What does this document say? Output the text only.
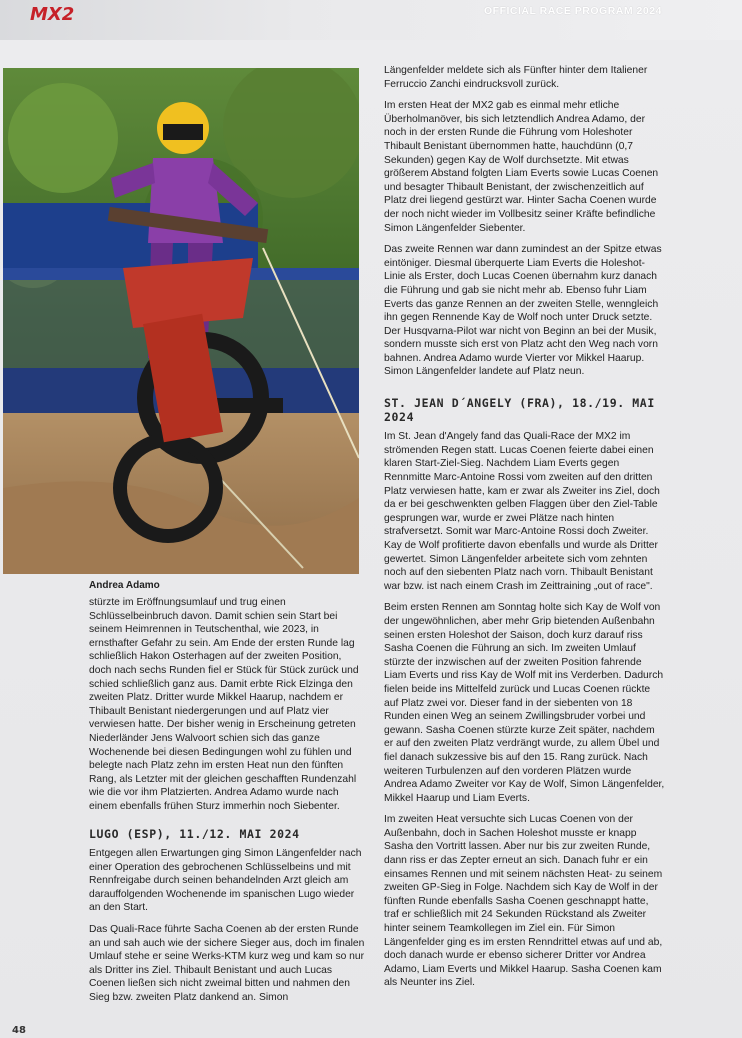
MX2	OFFICIAL RACE PROGRAM 2024
Andrea Adamo

stürzte im Eröffnungsumlauf und trug einen Schlüsselbeinbruch davon. Damit schien sein Start bei seinem Heimrennen in Teutschenthal, wie 2023, in ernsthafter Gefahr zu sein. Am Ende der ersten Runde lag schließlich Hakon Osterhagen auf der zweiten Position, doch nach sechs Runden fiel er Stück für Stück zurück und schied schließlich ganz aus. Damit erbte Rick Elzinga den zweiten Platz. Dritter wurde Mikkel Haarup, nachdem er Thibault Benistant niedergerungen und auf Platz vier verwiesen hatte. Der bisher wenig in Erscheinung getreten Niederländer Jens Walvoort schien sich das ganze Wochenende bei diesen Bedingungen wohl zu fühlen und belegte nach Platz zehn im ersten Heat nun den fünften Rang, als Letzter mit der gleichen geschafften Rundenzahl wie die vor ihm Platzierten. Andrea Adamo wurde nach einem ebenfalls frühen Sturz immerhin noch Siebenter.

LUGO (ESP), 11./12. MAI 2024

Entgegen allen Erwartungen ging Simon Längenfelder nach einer Operation des gebrochenen Schlüsselbeins und mit Rennfreigabe durch seinen behandelnden Arzt gleich am darauffolgenden Wochenende im spanischen Lugo wieder an den Start.

Das Quali-Race führte Sacha Coenen ab der ersten Runde an und sah auch wie der sichere Sieger aus, doch im finalen Umlauf stehe er seine Werks-KTM kurz weg und kam so nur als Dritter ins Ziel. Thibault Benistant und auch Lucas Coenen ließen sich nicht zweimal bitten und nahmen den Sieg bzw. zweiten Platz dankend an. Simon

Längenfelder meldete sich als Fünfter hinter dem Italiener Ferruccio Zanchi eindrucksvoll zurück.

Im ersten Heat der MX2 gab es einmal mehr etliche Überholmanöver, bis sich letztendlich Andrea Adamo, der noch in der ersten Runde die Führung vom Holeshoter Thibault Benistant übernommen hatte, hauchdünn (0,7 Sekunden) gegen Kay de Wolf durchsetzte. Mit etwas größerem Abstand folgten Liam Everts sowie Lucas Coenen und besagter Thibault Benistant, der zwischenzeitlich auf Platz drei liegend gestürzt war. Hinter Sacha Coenen wurde der noch nicht wieder im Vollbesitz seiner Kräfte befindliche Simon Längenfelder Siebenter.

Das zweite Rennen war dann zumindest an der Spitze etwas eintöniger. Diesmal überquerte Liam Everts die Holeshot-Linie als Erster, doch Lucas Coenen übernahm kurz danach die Führung und gab sie nicht mehr ab. Ebenso fuhr Liam Everts das ganze Rennen an der zweiten Stelle, wenngleich ihn gegen Rennende Kay de Wolf noch unter Druck setzte. Der Husqvarna-Pilot war nicht von Beginn an bei der Musik, sondern musste sich erst von Platz acht den Weg nach vorn bahnen. Andrea Adamo wurde Vierter vor Mikkel Haarup. Simon Längenfelder landete auf Platz neun.

ST. JEAN D´ANGELY (FRA), 18./19. MAI 2024

Im St. Jean d'Angely fand das Quali-Race der MX2 im strömenden Regen statt. Lucas Coenen feierte dabei einen klaren Start-Ziel-Sieg. Nachdem Liam Everts gegen Rennmitte Marc-Antoine Rossi vom zweiten auf den dritten Platz verwiesen hatte, kam er zwar als Zweiter ins Ziel, doch da er bei geschwenkten gelben Flaggen über den Ziel-Table gesprungen war, wurde er zwei Plätze nach hinten strafversetzt. Somit war Marc-Antoine Rossi doch Zweiter. Kay de Wolf profitierte davon ebenfalls und wurde als Dritter gewertet. Simon Längenfelder arbeitete sich vom zehnten noch auf den siebenten Platz nach vorn. Thibault Benistant war bzw. ist nach einem Crash im Zeittraining „out of race".

Beim ersten Rennen am Sonntag holte sich Kay de Wolf von der ungewöhnlichen, aber mehr Grip bietenden Außenbahn seinen ersten Holeshot der Saison, doch kurz darauf riss Sasha Coenen die Führung an sich. Im zweiten Umlauf stürzte der inzwischen auf der zweiten Position fahrende Liam Everts und riss Kay de Wolf mit ins Verderben. Dadurch fielen beide ins Mittelfeld zurück und Lucas Coenen rückte auf Platz zwei vor. Dieser fand in der siebenten von 18 Runden einen Weg an seinem Zwillingsbruder vorbei und gewann. Sasha Coenen stürzte kurze Zeit später, nachdem er auf den zweiten Platz verdrängt wurde, zu allem Übel und fiel danach sukzessive bis auf den 15. Rang zurück. Nach weiteren Turbulenzen auf den vorderen Plätzen wurde Andrea Adamo Zweiter vor Kay de Wolf, Simon Längenfelder, Mikkel Haarup und Liam Everts.

Im zweiten Heat versuchte sich Lucas Coenen von der Außenbahn, doch in Sachen Holeshot musste er knapp Sasha den Vortritt lassen. Aber nur bis zur zweiten Runde, dann riss er das Zepter erneut an sich. Danach fuhr er ein einsames Rennen und mit seinem nächsten Heat- zu seinem zweiten GP-Sieg in Folge. Nachdem sich Kay de Wolf in der fünften Runde ebenfalls Sasha Coenen geschnappt hatte, traf er schließlich mit 24 Sekunden Rückstand als Zweiter hinter seinem Teamkollegen im Ziel ein. Für Simon Längenfelder ging es im ersten Renndrittel etwas auf und ab, doch danach wurde er ebenso sicherer Dritter vor Andrea Adamo, Liam Everts und Mikkel Haarup. Sasha Coenen kam als Neunter ins Ziel.

48
